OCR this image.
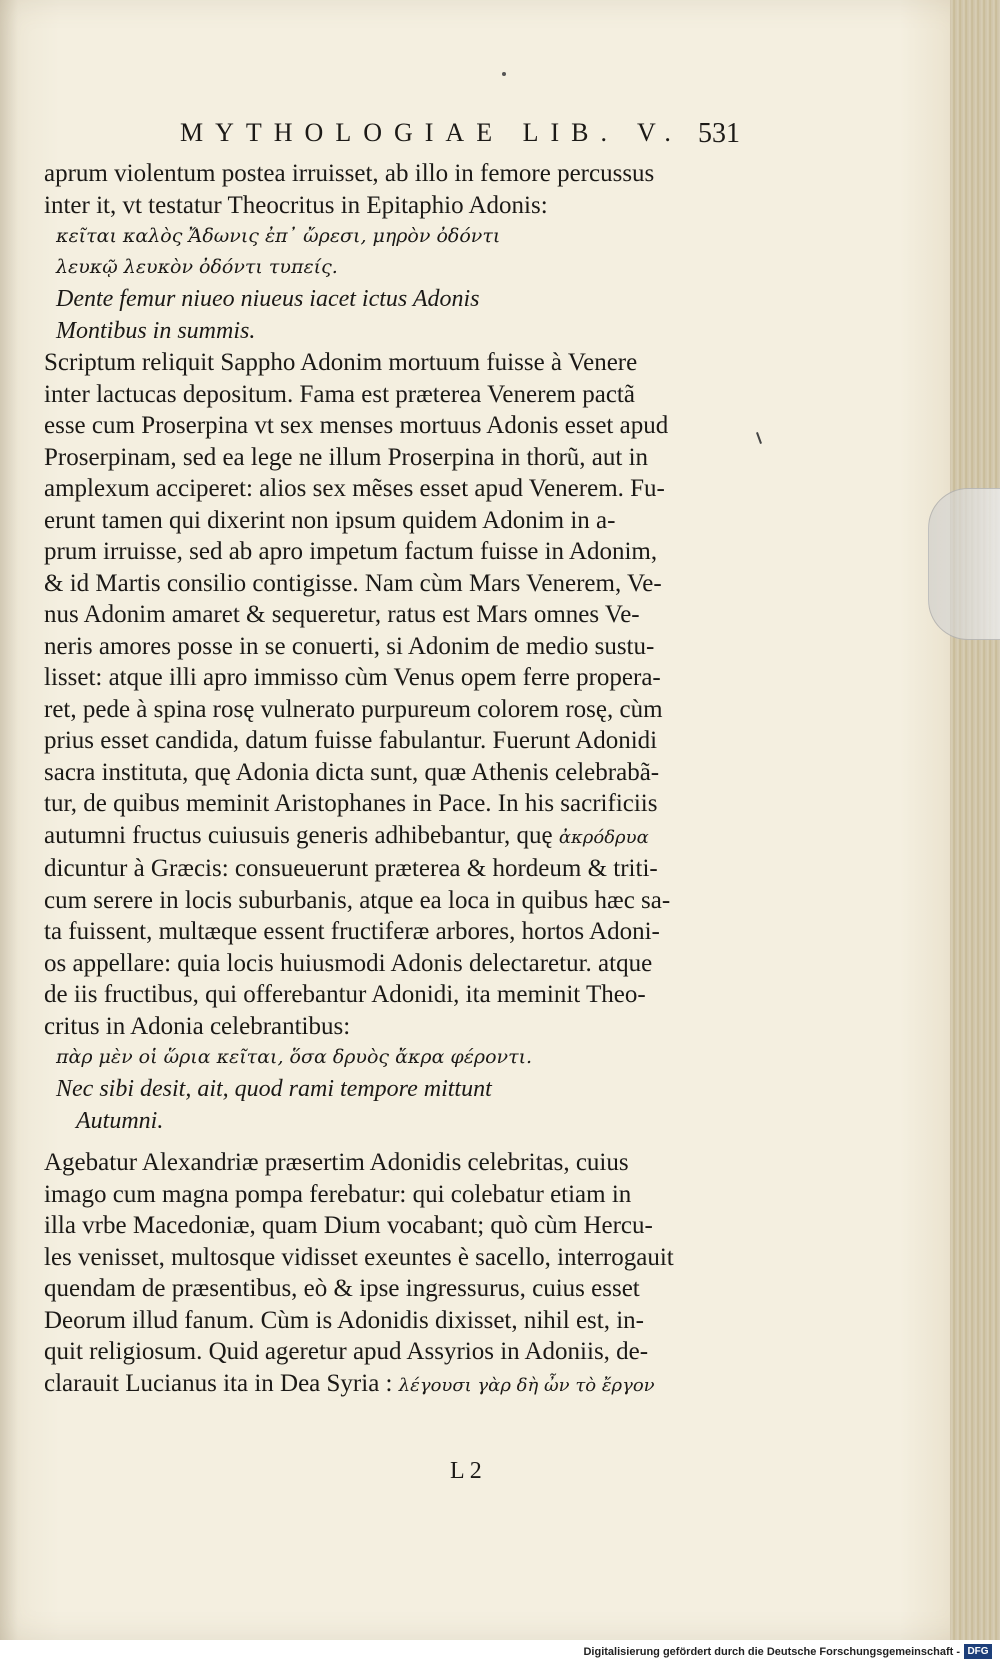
MYTHOLOGIAE LIB. V. 531
aprum violentum postea irruisset, ab illo in femore percussus
inter it, vt testatur Theocritus in Epitaphio Adonis:
κεῖται καλὸς Ἄδωνις ἐπ᾽ ὤρεσι, μηρὸν ὀδόντι
λευκῷ λευκὸν ὀδόντι τυπείς.
Dente femur niueo niueus iacet ictus Adonis
Montibus in summis.
Scriptum reliquit Sappho Adonim mortuum fuisse à Venere
inter lactucas depositum. Fama est præterea Venerem pactã
esse cum Proserpina vt sex menses mortuus Adonis esset apud
Proserpinam, sed ea lege ne illum Proserpina in thorũ, aut in
amplexum acciperet: alios sex mẽses esset apud Venerem. Fu-
erunt tamen qui dixerint non ipsum quidem Adonim in a-
prum irruisse, sed ab apro impetum factum fuisse in Adonim,
& id Martis consilio contigisse. Nam cùm Mars Venerem, Ve-
nus Adonim amaret & sequeretur, ratus est Mars omnes Ve-
neris amores posse in se conuerti, si Adonim de medio sustu-
lisset: atque illi apro immisso cùm Venus opem ferre propera-
ret, pede à spina rosę vulnerato purpureum colorem rosę, cùm
prius esset candida, datum fuisse fabulantur. Fuerunt Adonidi
sacra instituta, quę Adonia dicta sunt, quæ Athenis celebrabã-
tur, de quibus meminit Aristophanes in Pace. In his sacrificiis
autumni fructus cuiusuis generis adhibebantur, quę ἀκρόδρυα
dicuntur à Græcis: consueuerunt præterea & hordeum & triti-
cum serere in locis suburbanis, atque ea loca in quibus hæc sa-
ta fuissent, multæque essent fructiferæ arbores, hortos Adoni-
os appellare: quia locis huiusmodi Adonis delectaretur. atque
de iis fructibus, qui offerebantur Adonidi, ita meminit Theo-
critus in Adonia celebrantibus:
πὰρ μὲν οἱ ὥρια κεῖται, ὅσα δρυὸς ἄκρα φέροντι.
Nec sibi desit, ait, quod rami tempore mittunt
Autumni.
Agebatur Alexandriæ præsertim Adonidis celebritas, cuius
imago cum magna pompa ferebatur: qui colebatur etiam in
illa vrbe Macedoniæ, quam Dium vocabant; quò cùm Hercu-
les venisset, multosque vidisset exeuntes è sacello, interrogauit
quendam de præsentibus, eò & ipse ingressurus, cuius esset
Deorum illud fanum. Cùm is Adonidis dixisset, nihil est, in-
quit religiosum. Quid ageretur apud Assyrios in Adoniis, de-
clarauit Lucianus ita in Dea Syria : λέγουσι γὰρ δὴ ὦν τὸ ἔργον
L 2
Digitalisierung gefördert durch die Deutsche Forschungsgemeinschaft - DFG
